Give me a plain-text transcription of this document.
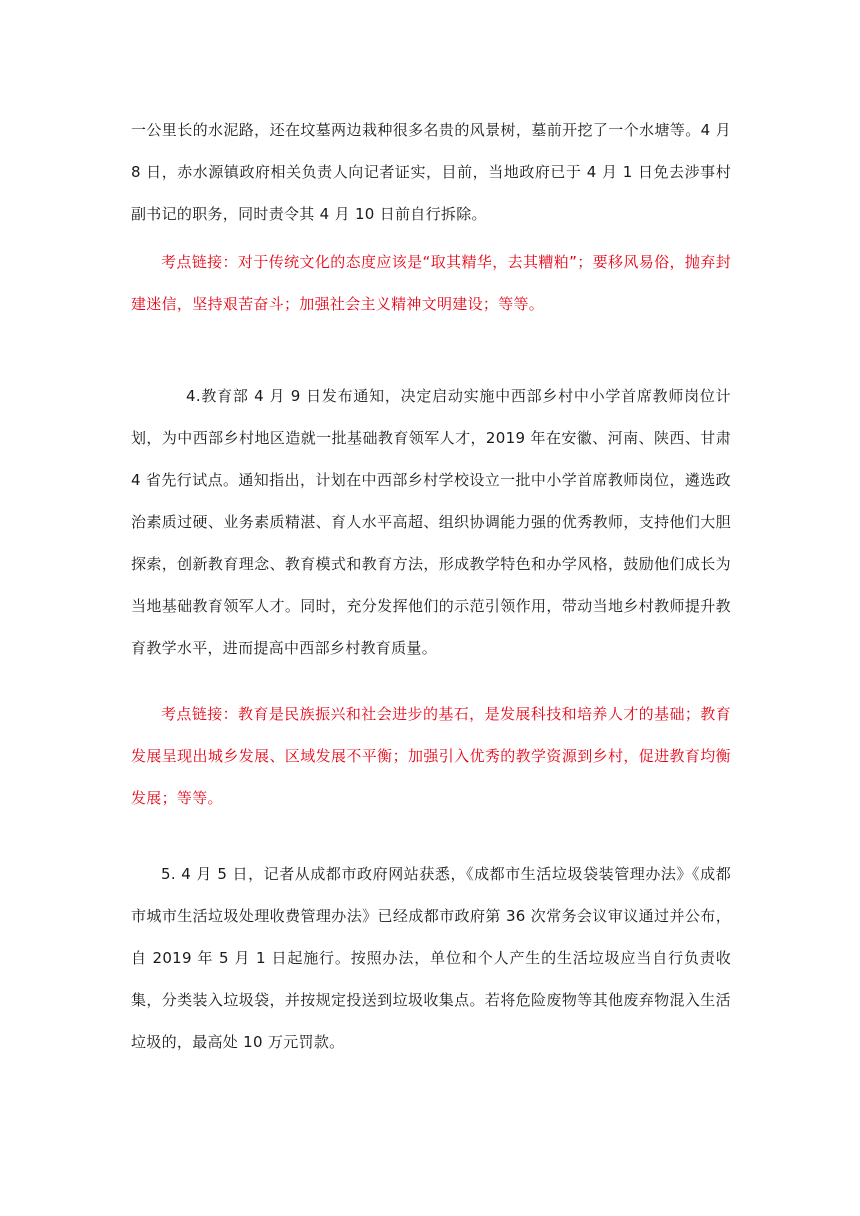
一公里长的水泥路，还在坟墓两边栽种很多名贵的风景树，墓前开挖了一个水塘等。4 月 8 日，赤水源镇政府相关负责人向记者证实，目前，当地政府已于 4 月 1 日免去涉事村副书记的职务，同时责令其 4 月 10 日前自行拆除。

考点链接：对于传统文化的态度应该是“取其精华，去其糟粕”；要移风易俗，抛弃封建迷信，坚持艰苦奋斗；加强社会主义精神文明建设；等等。

4.教育部 4 月 9 日发布通知，决定启动实施中西部乡村中小学首席教师岗位计划，为中西部乡村地区造就一批基础教育领军人才，2019 年在安徽、河南、陕西、甘肃 4 省先行试点。通知指出，计划在中西部乡村学校设立一批中小学首席教师岗位，遴选政治素质过硬、业务素质精湛、育人水平高超、组织协调能力强的优秀教师，支持他们大胆探索，创新教育理念、教育模式和教育方法，形成教学特色和办学风格，鼓励他们成长为当地基础教育领军人才。同时，充分发挥他们的示范引领作用，带动当地乡村教师提升教育教学水平，进而提高中西部乡村教育质量。

考点链接：教育是民族振兴和社会进步的基石，是发展科技和培养人才的基础；教育发展呈现出城乡发展、区域发展不平衡；加强引入优秀的教学资源到乡村，促进教育均衡发展；等等。

5. 4 月 5 日，记者从成都市政府网站获悉，《成都市生活垃圾袋装管理办法》《成都市城市生活垃圾处理收费管理办法》已经成都市政府第 36 次常务会议审议通过并公布，自 2019 年 5 月 1 日起施行。按照办法，单位和个人产生的生活垃圾应当自行负责收集，分类装入垃圾袋，并按规定投送到垃圾收集点。若将危险废物等其他废弃物混入生活垃圾的，最高处 10 万元罚款。
